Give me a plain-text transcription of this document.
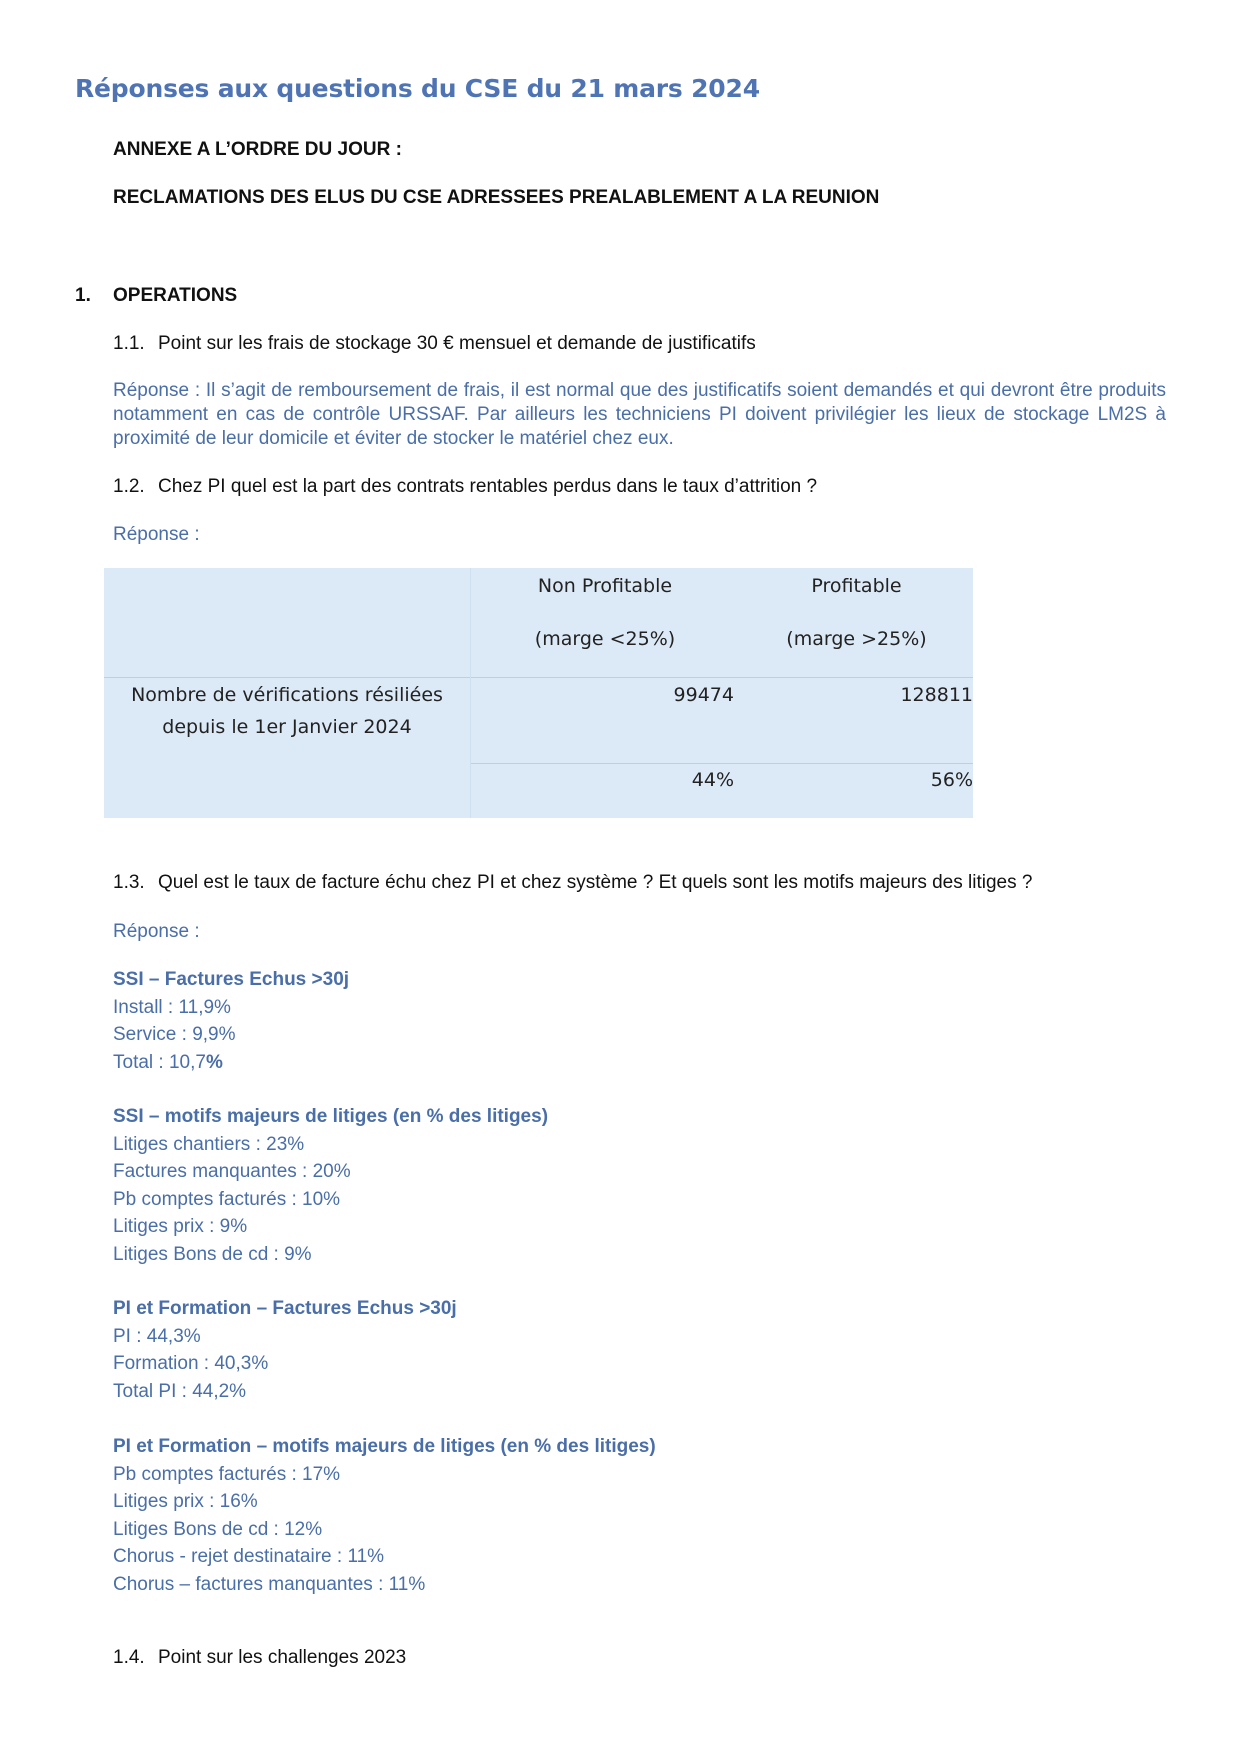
Réponses aux questions du CSE du 21 mars 2024
ANNEXE A L’ORDRE DU JOUR :
RECLAMATIONS DES ELUS DU CSE ADRESSEES PREALABLEMENT A LA REUNION
1. OPERATIONS
1.1. Point sur les frais de stockage 30 € mensuel et demande de justificatifs
Réponse : Il s’agit de remboursement de frais, il est normal que des justificatifs soient demandés et qui devront être produits notamment en cas de contrôle URSSAF. Par ailleurs les techniciens PI doivent privilégier les lieux de stockage LM2S à proximité de leur domicile et éviter de stocker le matériel chez eux.
1.2. Chez PI quel est la part des contrats rentables perdus dans le taux d’attrition ?
Réponse :
Non Profitable
(marge <25%)
Profitable
(marge >25%)
Nombre de vérifications résiliées
depuis le 1er Janvier 2024
99474	128811
44%	56%
1.3. Quel est le taux de facture échu chez PI et chez système ? Et quels sont les motifs majeurs des litiges ?
Réponse :
SSI – Factures Echus >30j
Install : 11,9%
Service : 9,9%
Total : 10,7%
SSI – motifs majeurs de litiges (en % des litiges)
Litiges chantiers : 23%
Factures manquantes : 20%
Pb comptes facturés : 10%
Litiges prix : 9%
Litiges Bons de cd : 9%
PI et Formation – Factures Echus >30j
PI : 44,3%
Formation : 40,3%
Total PI : 44,2%
PI et Formation – motifs majeurs de litiges (en % des litiges)
Pb comptes facturés : 17%
Litiges prix : 16%
Litiges Bons de cd : 12%
Chorus - rejet destinataire : 11%
Chorus – factures manquantes : 11%
1.4. Point sur les challenges 2023
